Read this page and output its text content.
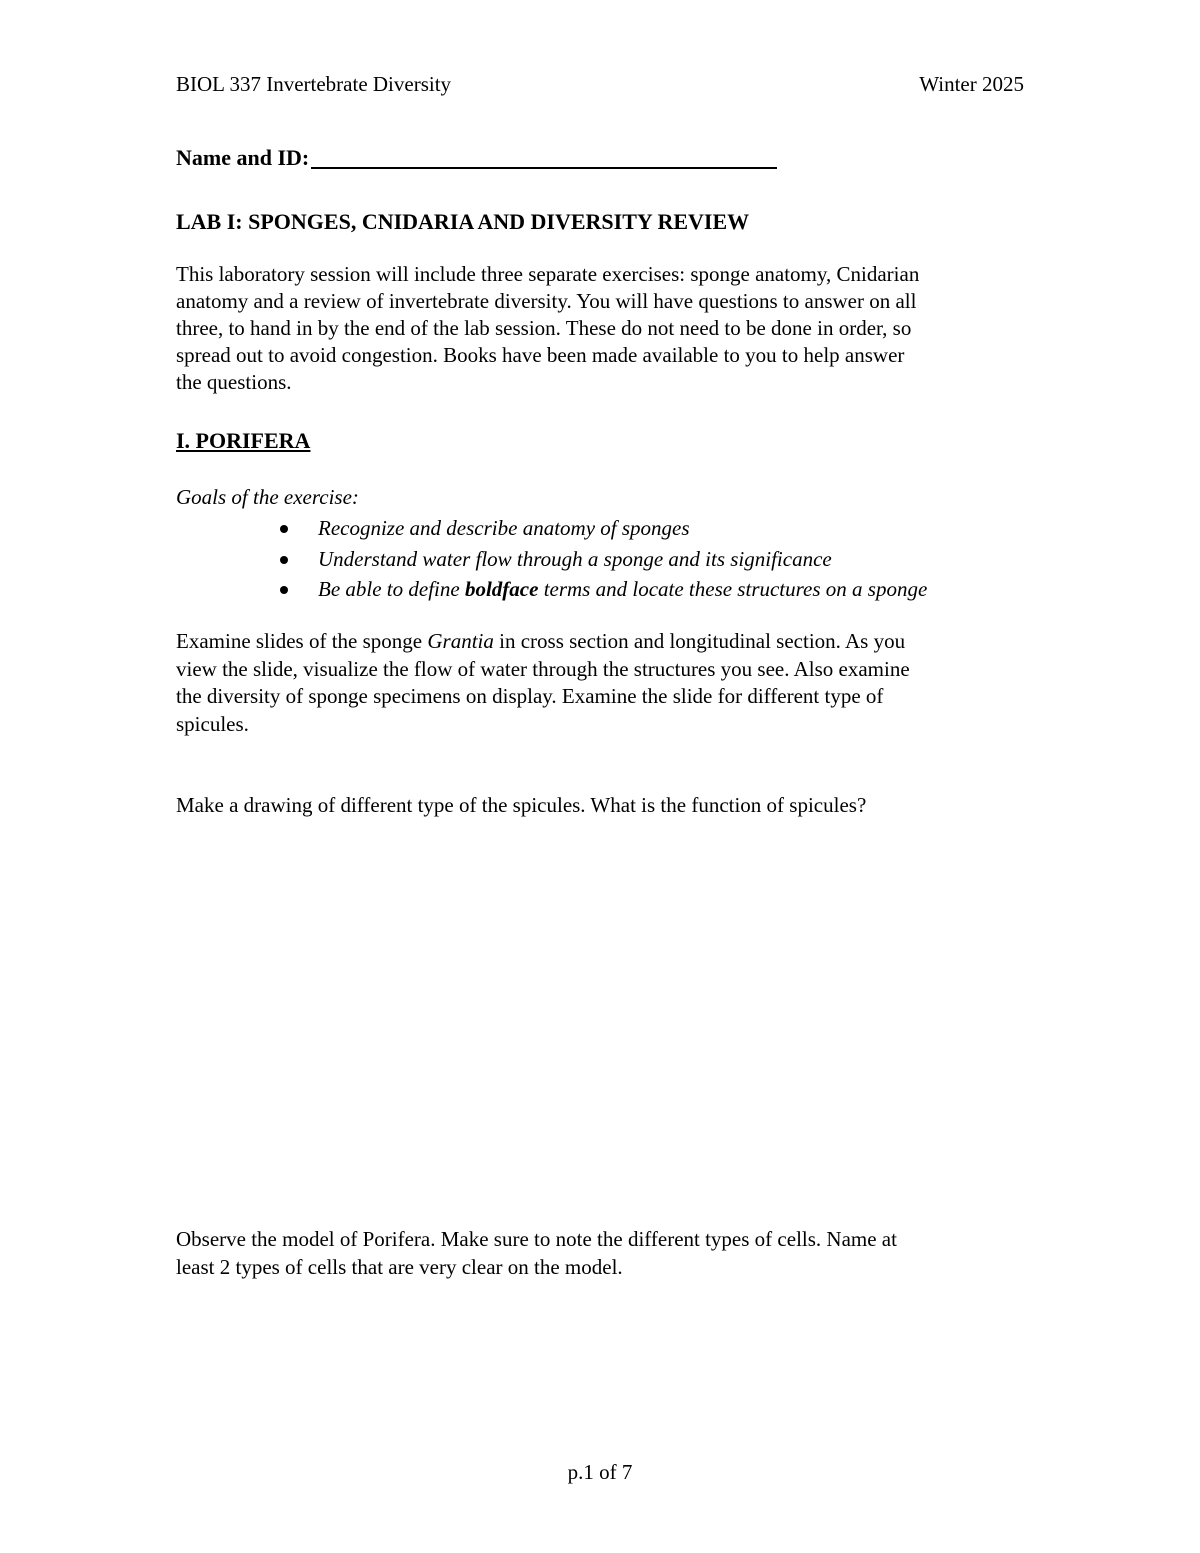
BIOL 337 Invertebrate Diversity	Winter 2025
Name and ID:
LAB I: SPONGES, CNIDARIA AND DIVERSITY REVIEW

This laboratory session will include three separate exercises: sponge anatomy, Cnidarian
anatomy and a review of invertebrate diversity. You will have questions to answer on all
three, to hand in by the end of the lab session. These do not need to be done in order, so
spread out to avoid congestion. Books have been made available to you to help answer
the questions.

I. PORIFERA
Goals of the exercise:
Recognize and describe anatomy of sponges
Understand water flow through a sponge and its significance
Be able to define boldface terms and locate these structures on a sponge

Examine slides of the sponge Grantia in cross section and longitudinal section. As you
view the slide, visualize the flow of water through the structures you see. Also examine
the diversity of sponge specimens on display. Examine the slide for different type of
spicules.

Make a drawing of different type of the spicules. What is the function of spicules?

Observe the model of Porifera. Make sure to note the different types of cells. Name at
least 2 types of cells that are very clear on the model.

p.1 of 7
